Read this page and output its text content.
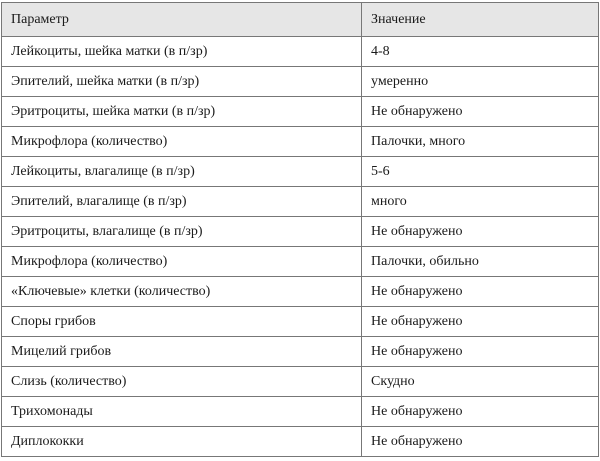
Параметр	Значение
Лейкоциты, шейка матки (в п/зр)	4-8
Эпителий, шейка матки (в п/зр)	умеренно
Эритроциты, шейка матки (в п/зр)	Не обнаружено
Микрофлора (количество)	Палочки, много
Лейкоциты, влагалище (в п/зр)	5-6
Эпителий, влагалище (в п/зр)	много
Эритроциты, влагалище (в п/зр)	Не обнаружено
Микрофлора (количество)	Палочки, обильно
«Ключевые» клетки (количество)	Не обнаружено
Споры грибов	Не обнаружено
Мицелий грибов	Не обнаружено
Слизь (количество)	Скудно
Трихомонады	Не обнаружено
Диплококки	Не обнаружено
